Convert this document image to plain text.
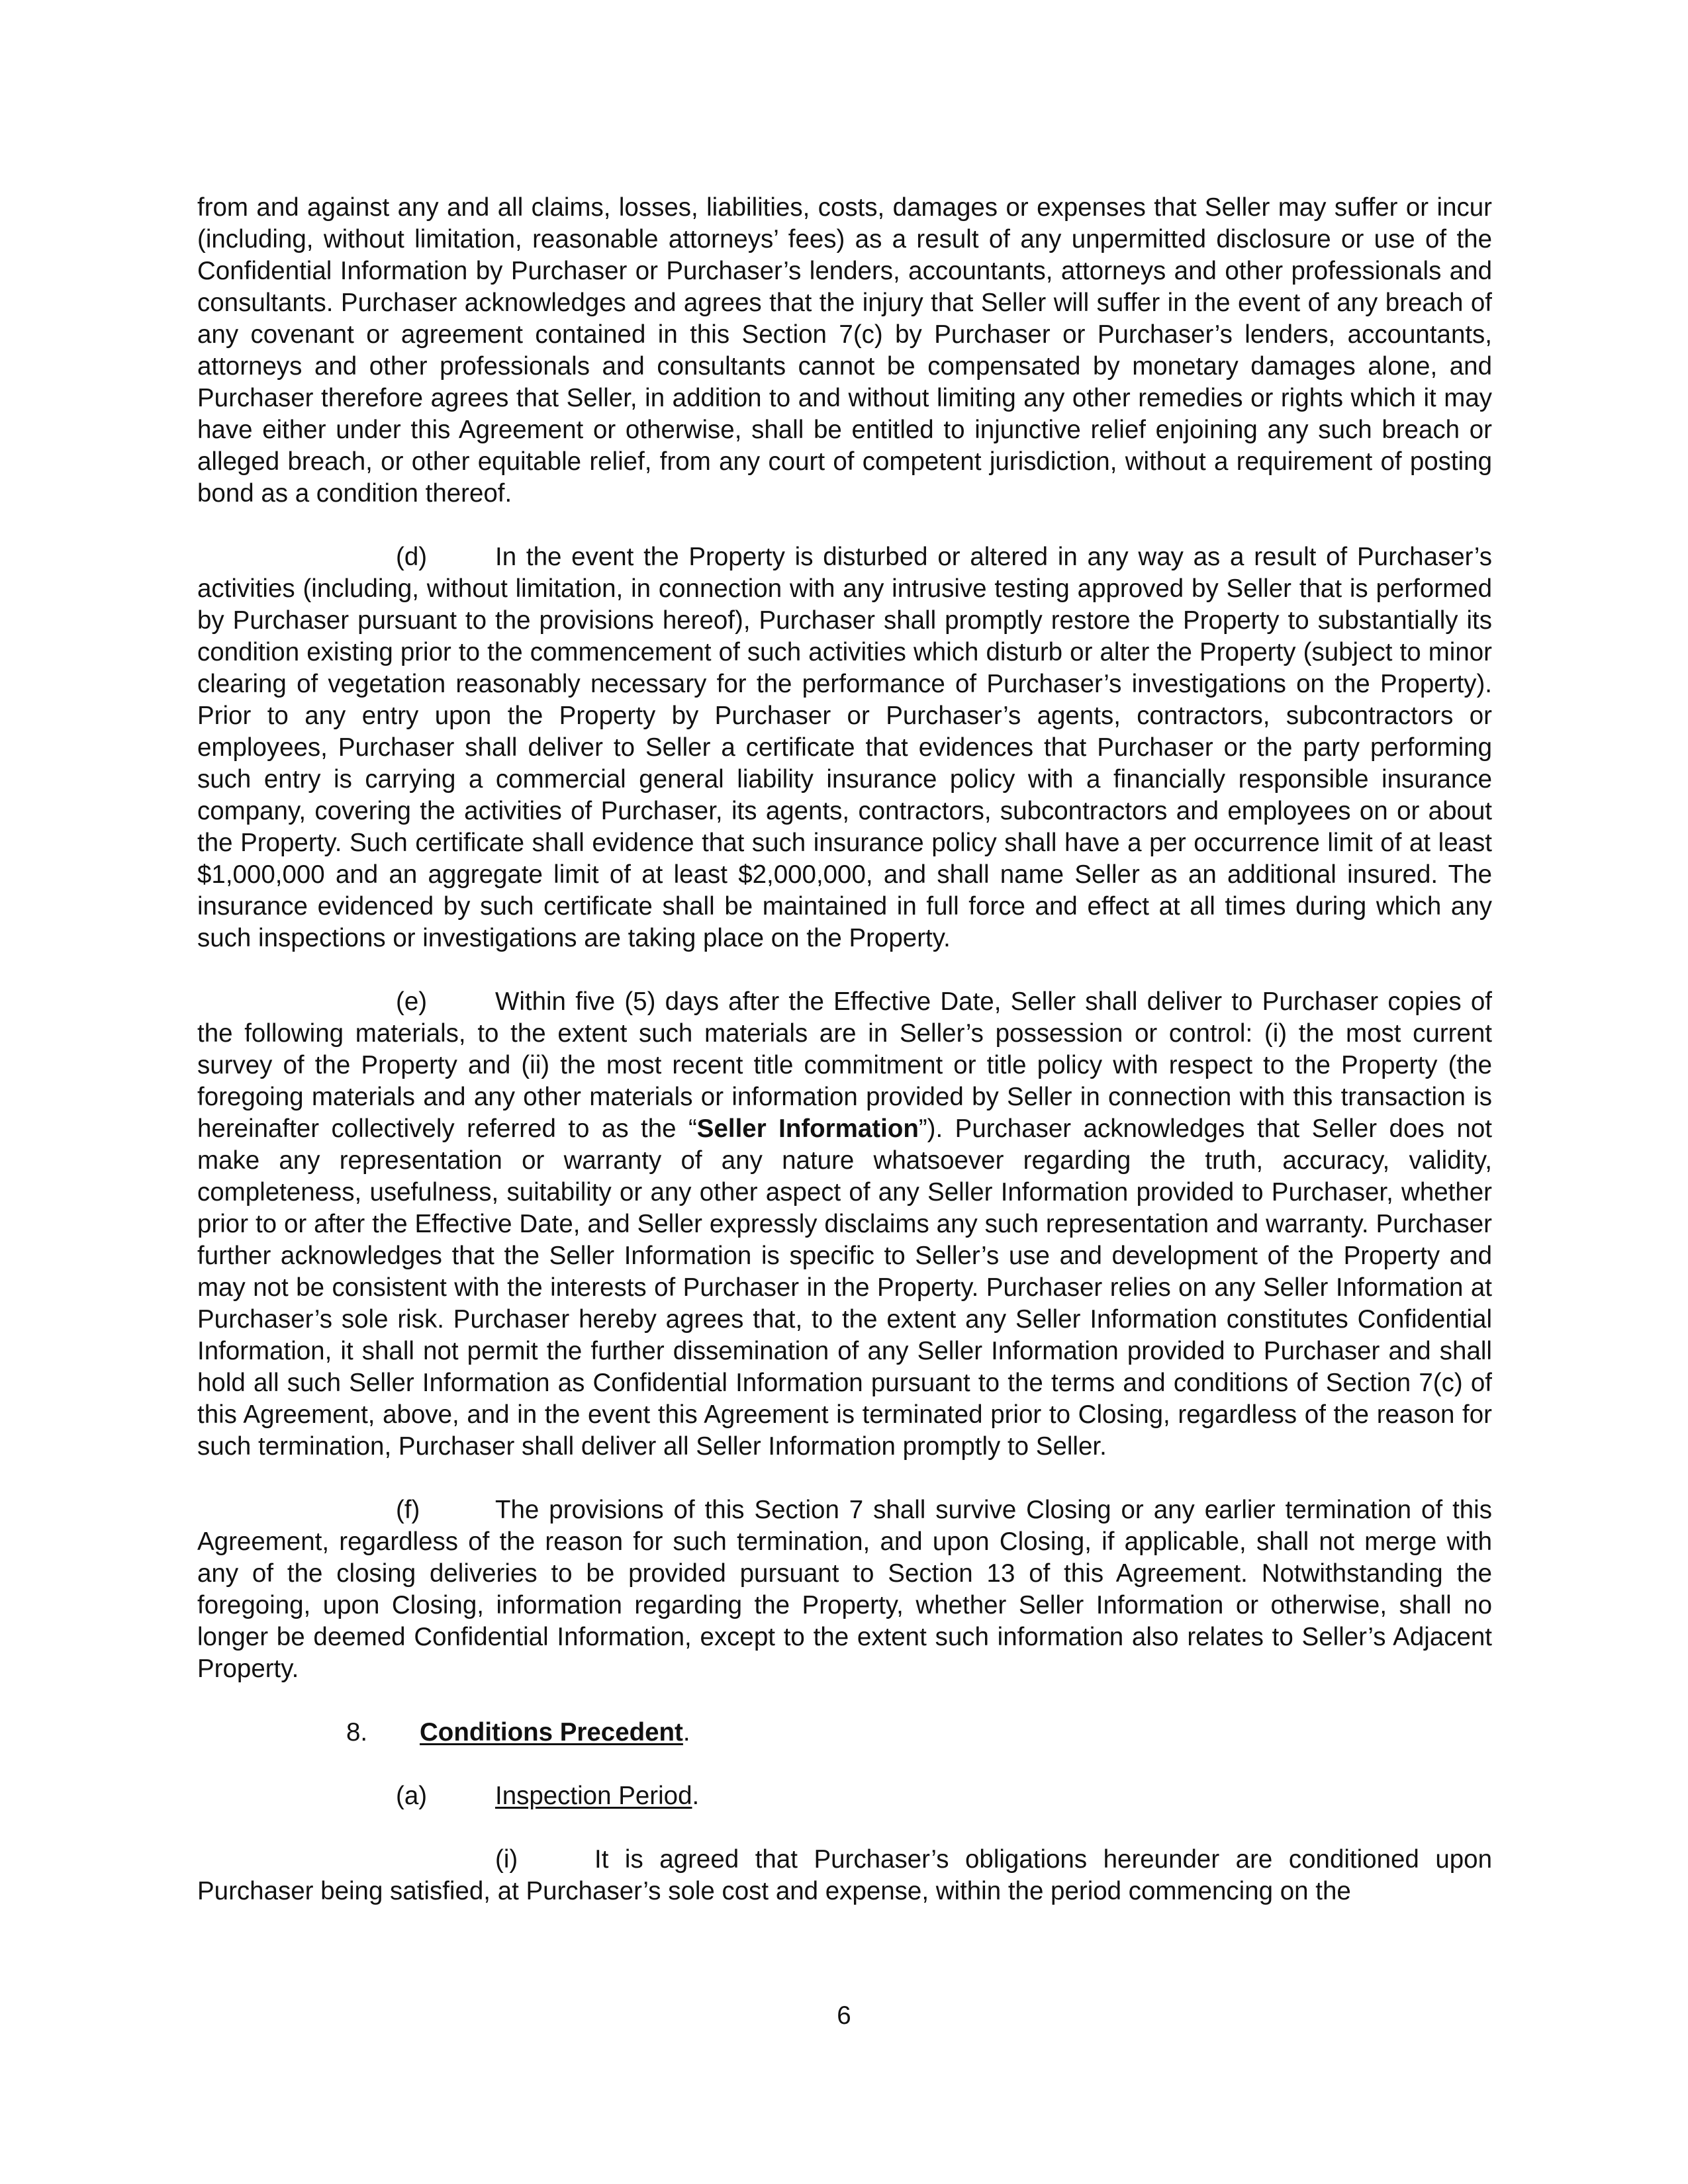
from and against any and all claims, losses, liabilities, costs, damages or expenses that Seller may suffer or incur (including, without limitation, reasonable attorneys’ fees) as a result of any unpermitted disclosure or use of the Confidential Information by Purchaser or Purchaser’s lenders, accountants, attorneys and other professionals and consultants. Purchaser acknowledges and agrees that the injury that Seller will suffer in the event of any breach of any covenant or agreement contained in this Section 7(c) by Purchaser or Purchaser’s lenders, accountants, attorneys and other professionals and consultants cannot be compensated by monetary damages alone, and Purchaser therefore agrees that Seller, in addition to and without limiting any other remedies or rights which it may have either under this Agreement or otherwise, shall be entitled to injunctive relief enjoining any such breach or alleged breach, or other equitable relief, from any court of competent jurisdiction, without a requirement of posting bond as a condition thereof.

(d)	In the event the Property is disturbed or altered in any way as a result of Purchaser’s activities (including, without limitation, in connection with any intrusive testing approved by Seller that is performed by Purchaser pursuant to the provisions hereof), Purchaser shall promptly restore the Property to substantially its condition existing prior to the commencement of such activities which disturb or alter the Property (subject to minor clearing of vegetation reasonably necessary for the performance of Purchaser’s investigations on the Property). Prior to any entry upon the Property by Purchaser or Purchaser’s agents, contractors, subcontractors or employees, Purchaser shall deliver to Seller a certificate that evidences that Purchaser or the party performing such entry is carrying a commercial general liability insurance policy with a financially responsible insurance company, covering the activities of Purchaser, its agents, contractors, subcontractors and employees on or about the Property. Such certificate shall evidence that such insurance policy shall have a per occurrence limit of at least $1,000,000 and an aggregate limit of at least $2,000,000, and shall name Seller as an additional insured. The insurance evidenced by such certificate shall be maintained in full force and effect at all times during which any such inspections or investigations are taking place on the Property.

(e)	Within five (5) days after the Effective Date, Seller shall deliver to Purchaser copies of the following materials, to the extent such materials are in Seller’s possession or control: (i) the most current survey of the Property and (ii) the most recent title commitment or title policy with respect to the Property (the foregoing materials and any other materials or information provided by Seller in connection with this transaction is hereinafter collectively referred to as the “Seller Information”). Purchaser acknowledges that Seller does not make any representation or warranty of any nature whatsoever regarding the truth, accuracy, validity, completeness, usefulness, suitability or any other aspect of any Seller Information provided to Purchaser, whether prior to or after the Effective Date, and Seller expressly disclaims any such representation and warranty. Purchaser further acknowledges that the Seller Information is specific to Seller’s use and development of the Property and may not be consistent with the interests of Purchaser in the Property. Purchaser relies on any Seller Information at Purchaser’s sole risk. Purchaser hereby agrees that, to the extent any Seller Information constitutes Confidential Information, it shall not permit the further dissemination of any Seller Information provided to Purchaser and shall hold all such Seller Information as Confidential Information pursuant to the terms and conditions of Section 7(c) of this Agreement, above, and in the event this Agreement is terminated prior to Closing, regardless of the reason for such termination, Purchaser shall deliver all Seller Information promptly to Seller.

(f)	The provisions of this Section 7 shall survive Closing or any earlier termination of this Agreement, regardless of the reason for such termination, and upon Closing, if applicable, shall not merge with any of the closing deliveries to be provided pursuant to Section 13 of this Agreement. Notwithstanding the foregoing, upon Closing, information regarding the Property, whether Seller Information or otherwise, shall no longer be deemed Confidential Information, except to the extent such information also relates to Seller’s Adjacent Property.

8. Conditions Precedent.

(a)	Inspection Period.

(i)	It is agreed that Purchaser’s obligations hereunder are conditioned upon Purchaser being satisfied, at Purchaser’s sole cost and expense, within the period commencing on the

6
